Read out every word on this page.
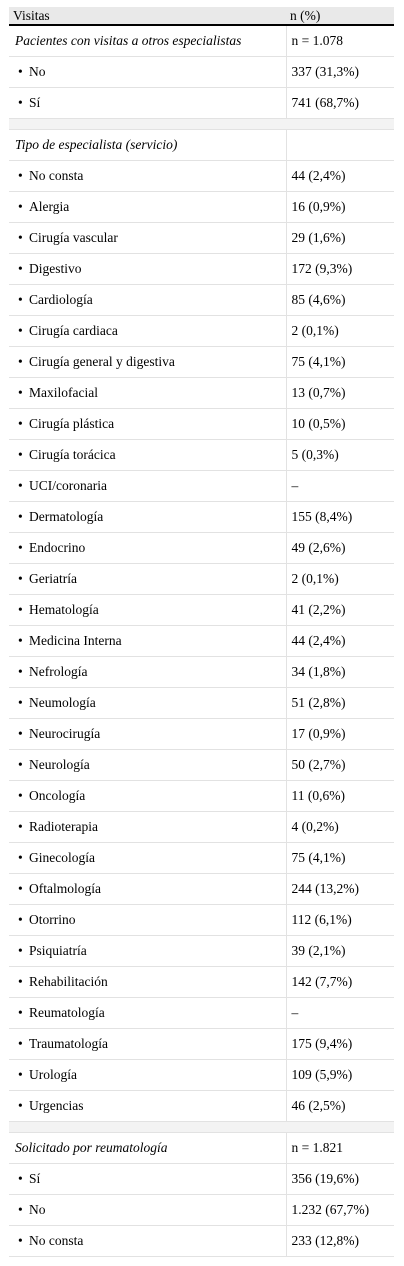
Visitas	n (%)
Pacientes con visitas a otros especialistas	n = 1.078
• No	337 (31,3%)
• Sí	741 (68,7%)

Tipo de especialista (servicio)	
• No consta	44 (2,4%)
• Alergia	16 (0,9%)
• Cirugía vascular	29 (1,6%)
• Digestivo	172 (9,3%)
• Cardiología	85 (4,6%)
• Cirugía cardiaca	2 (0,1%)
• Cirugía general y digestiva	75 (4,1%)
• Maxilofacial	13 (0,7%)
• Cirugía plástica	10 (0,5%)
• Cirugía torácica	5 (0,3%)
• UCI/coronaria	–
• Dermatología	155 (8,4%)
• Endocrino	49 (2,6%)
• Geriatría	2 (0,1%)
• Hematología	41 (2,2%)
• Medicina Interna	44 (2,4%)
• Nefrología	34 (1,8%)
• Neumología	51 (2,8%)
• Neurocirugía	17 (0,9%)
• Neurología	50 (2,7%)
• Oncología	11 (0,6%)
• Radioterapia	4 (0,2%)
• Ginecología	75 (4,1%)
• Oftalmología	244 (13,2%)
• Otorrino	112 (6,1%)
• Psiquiatría	39 (2,1%)
• Rehabilitación	142 (7,7%)
• Reumatología	–
• Traumatología	175 (9,4%)
• Urología	109 (5,9%)
• Urgencias	46 (2,5%)

Solicitado por reumatología	n = 1.821
• Sí	356 (19,6%)
• No	1.232 (67,7%)
• No consta	233 (12,8%)
